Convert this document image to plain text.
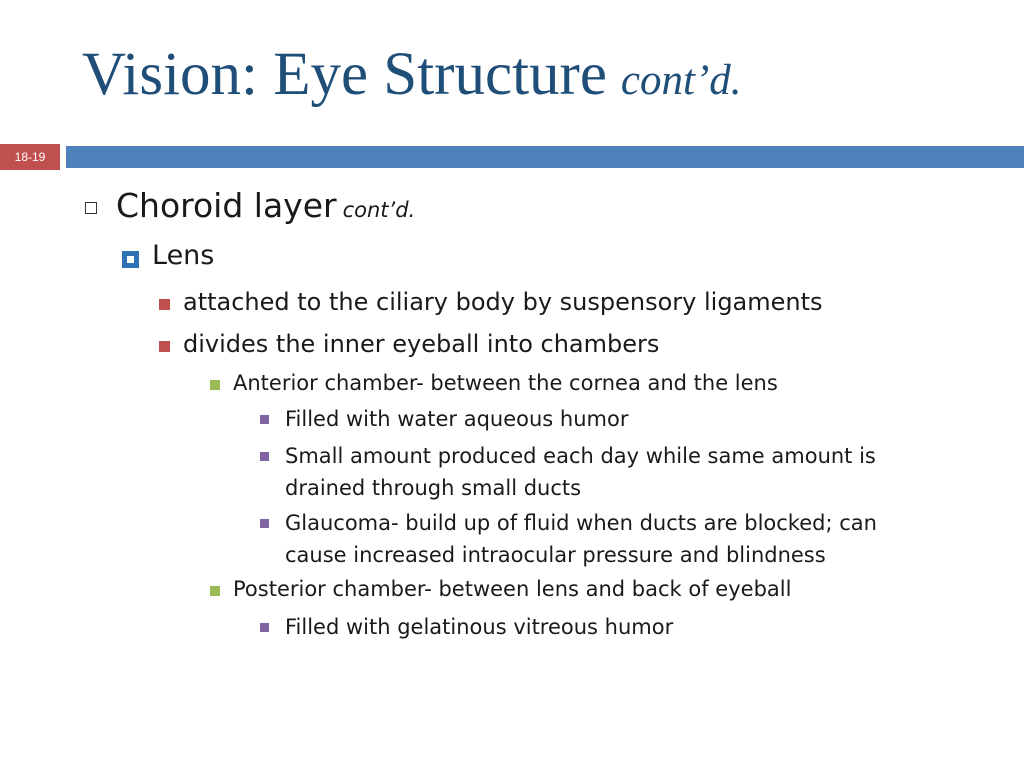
Vision: Eye Structure cont’d.
18-19
Choroid layer cont’d.
Lens
attached to the ciliary body by suspensory ligaments
divides the inner eyeball into chambers
Anterior chamber- between the cornea and the lens
Filled with water aqueous humor
Small amount produced each day while same amount is
drained through small ducts
Glaucoma- build up of fluid when ducts are blocked; can
cause increased intraocular pressure and blindness
Posterior chamber- between lens and back of eyeball
Filled with gelatinous vitreous humor
